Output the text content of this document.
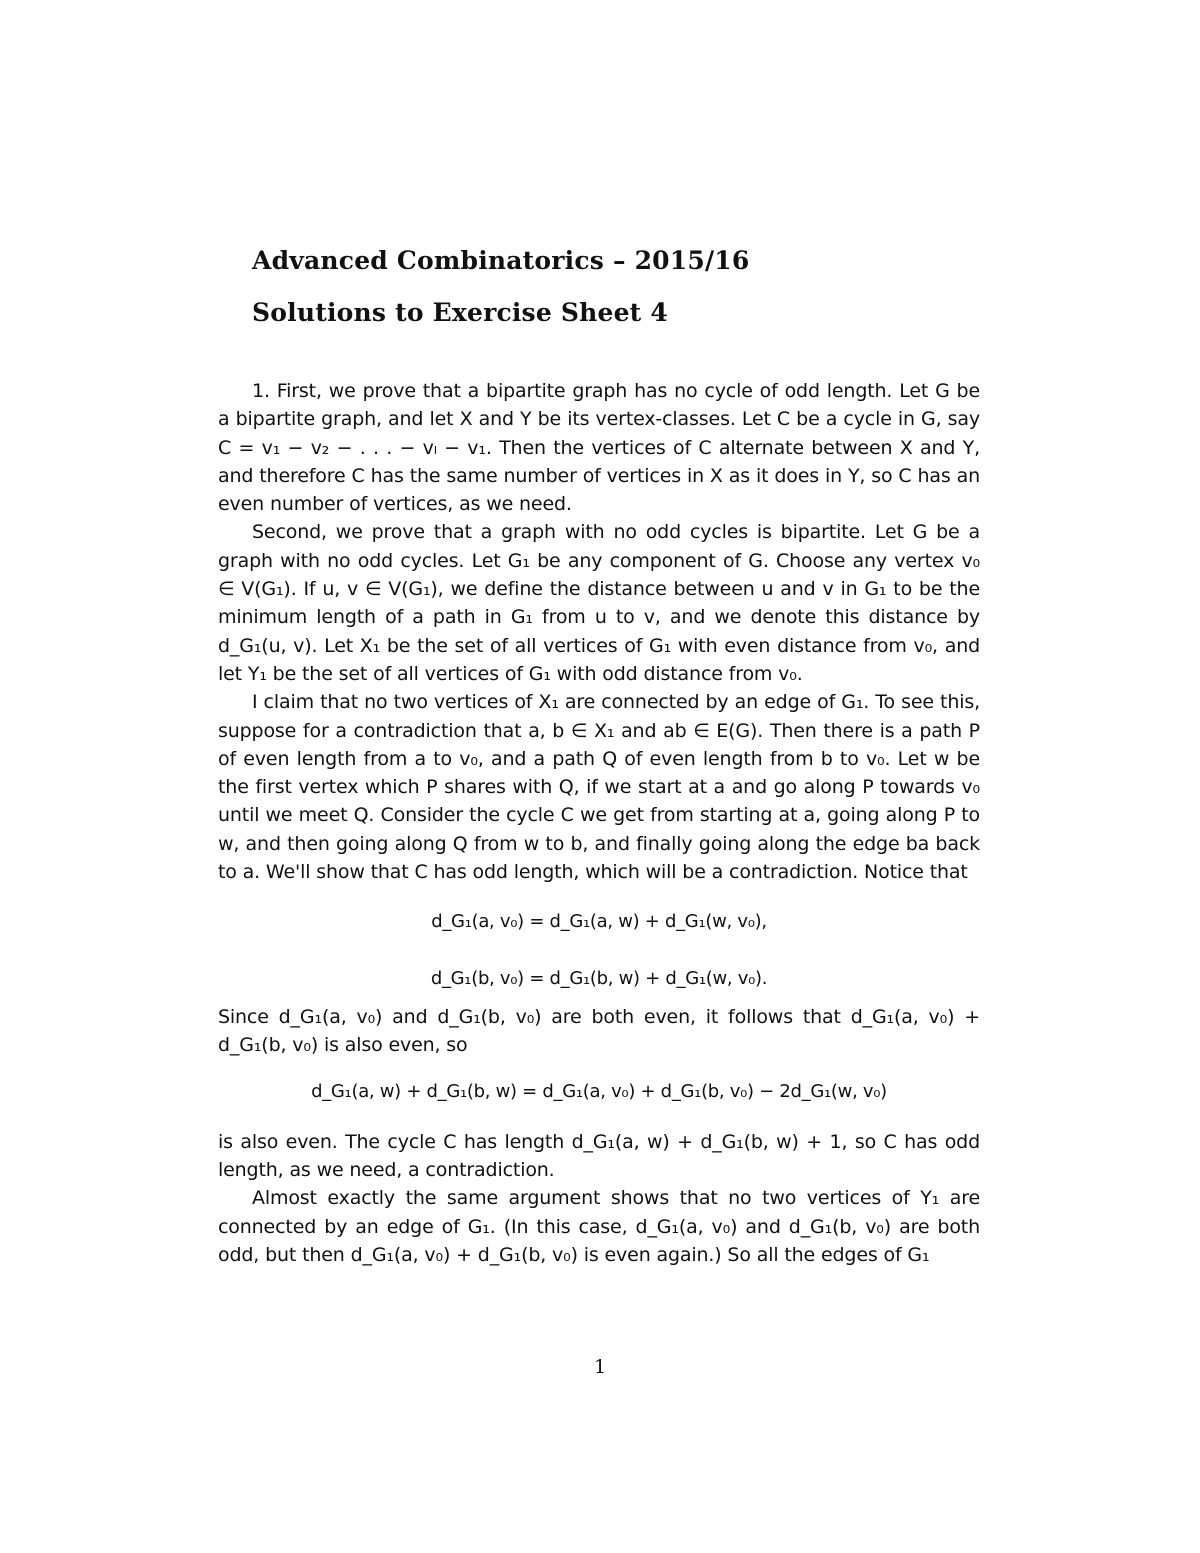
Advanced Combinatorics – 2015/16
Solutions to Exercise Sheet 4

1. First, we prove that a bipartite graph has no cycle of odd length. Let G be a bipartite graph, and let X and Y be its vertex-classes. Let C be a cycle in G, say C = v₁ − v₂ − . . . − vₗ − v₁. Then the vertices of C alternate between X and Y, and therefore C has the same number of vertices in X as it does in Y, so C has an even number of vertices, as we need.

Second, we prove that a graph with no odd cycles is bipartite. Let G be a graph with no odd cycles. Let G₁ be any component of G. Choose any vertex v₀ ∈ V(G₁). If u, v ∈ V(G₁), we define the distance between u and v in G₁ to be the minimum length of a path in G₁ from u to v, and we denote this distance by d_G₁(u, v). Let X₁ be the set of all vertices of G₁ with even distance from v₀, and let Y₁ be the set of all vertices of G₁ with odd distance from v₀.

I claim that no two vertices of X₁ are connected by an edge of G₁. To see this, suppose for a contradiction that a, b ∈ X₁ and ab ∈ E(G). Then there is a path P of even length from a to v₀, and a path Q of even length from b to v₀. Let w be the first vertex which P shares with Q, if we start at a and go along P towards v₀ until we meet Q. Consider the cycle C we get from starting at a, going along P to w, and then going along Q from w to b, and finally going along the edge ba back to a. We'll show that C has odd length, which will be a contradiction. Notice that

d_G₁(a, v₀) = d_G₁(a, w) + d_G₁(w, v₀),
d_G₁(b, v₀) = d_G₁(b, w) + d_G₁(w, v₀).

Since d_G₁(a, v₀) and d_G₁(b, v₀) are both even, it follows that d_G₁(a, v₀) + d_G₁(b, v₀) is also even, so

d_G₁(a, w) + d_G₁(b, w) = d_G₁(a, v₀) + d_G₁(b, v₀) − 2d_G₁(w, v₀)

is also even. The cycle C has length d_G₁(a, w) + d_G₁(b, w) + 1, so C has odd length, as we need, a contradiction.

Almost exactly the same argument shows that no two vertices of Y₁ are connected by an edge of G₁. (In this case, d_G₁(a, v₀) and d_G₁(b, v₀) are both odd, but then d_G₁(a, v₀) + d_G₁(b, v₀) is even again.) So all the edges of G₁

1
